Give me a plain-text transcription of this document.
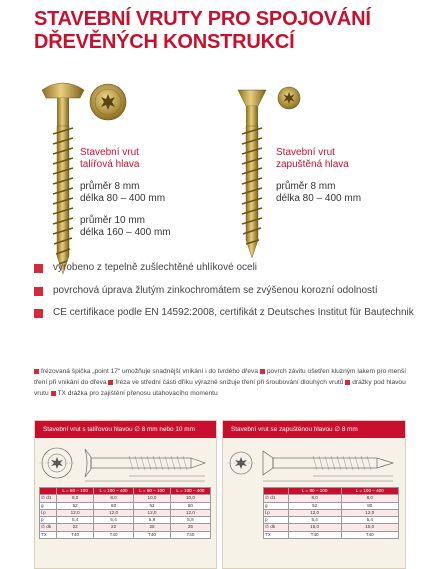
STAVEBNÍ VRUTY PRO SPOJOVÁNÍ
DŘEVĚNÝCH KONSTRUKCÍ
Stavební vrut
talířová hlava
průměr 8 mm
délka 80 – 400 mm
průměr 10 mm
délka 160 – 400 mm
Stavební vrut
zapuštěná hlava
průměr 8 mm
délka 80 – 400 mm
vyrobeno z tepelně zušlechtěné uhlíkové oceli
povrchová úprava žlutým zinkochromátem se zvýšenou korozní odolností
CE certifikace podle EN 14592:2008, certifikát z Deutsches Institut für Bautechnik
frézovaná špička „point 17“ umožňuje snadnější vnikání i do tvrdého dřeva povrch závitu ošetřen kluzným lakem pro menší tření při vnikání do dřeva fréza ve střední části dříku výrazně snižuje tření při šroubování dlouhých vrutů drážky pod hlavou vrutu TX drážka pro zajištění přenosu utahovacího momentu
Stavební vrut s talířovou hlavou ∅ 8 mm nebo 10 mm
	L = 80 – 100	L = 100 – 400	L = 80 – 100	L = 100 – 400
∅ d1	8,0	8,0	10,0	10,0
g	52	80	52	80
l.p	12,0	12,0	12,0	12,0
p	5,4	5,4	5,8	5,8
∅ dk	22	22	25	25
TX	T40	T40	T40	T40
Stavební vrut se zapuštěnou hlavou ∅ 8 mm
	L = 80 – 100	L = 100 – 400
∅ d1	8,0	8,0
g	52	80
l.p	12,0	12,0
p	5,4	5,4
∅ dk	15,0	15,0
TX	T40	T40
